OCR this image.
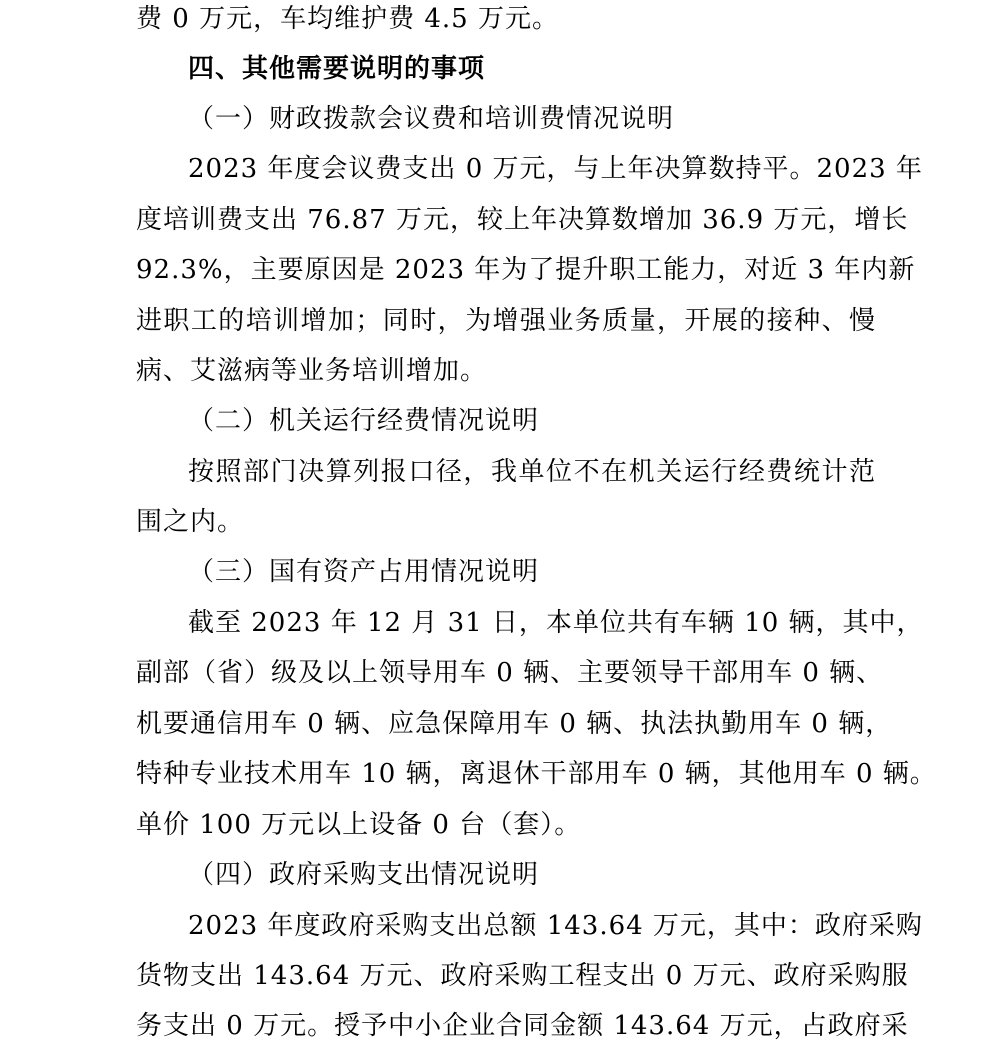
费 0 万元，车均维护费 4.5 万元。
四、其他需要说明的事项
（一）财政拨款会议费和培训费情况说明
2023 年度会议费支出 0 万元，与上年决算数持平。2023 年
度培训费支出 76.87 万元，较上年决算数增加 36.9 万元，增长
92.3%，主要原因是 2023 年为了提升职工能力，对近 3 年内新
进职工的培训增加；同时，为增强业务质量，开展的接种、慢
病、艾滋病等业务培训增加。
（二）机关运行经费情况说明
按照部门决算列报口径，我单位不在机关运行经费统计范
围之内。
（三）国有资产占用情况说明
截至 2023 年 12 月 31 日，本单位共有车辆 10 辆，其中，
副部（省）级及以上领导用车 0 辆、主要领导干部用车 0 辆、
机要通信用车 0 辆、应急保障用车 0 辆、执法执勤用车 0 辆，
特种专业技术用车 10 辆，离退休干部用车 0 辆，其他用车 0 辆。
单价 100 万元以上设备 0 台（套）。
（四）政府采购支出情况说明
2023 年度政府采购支出总额 143.64 万元，其中：政府采购
货物支出 143.64 万元、政府采购工程支出 0 万元、政府采购服
务支出 0 万元。授予中小企业合同金额 143.64 万元，占政府采
